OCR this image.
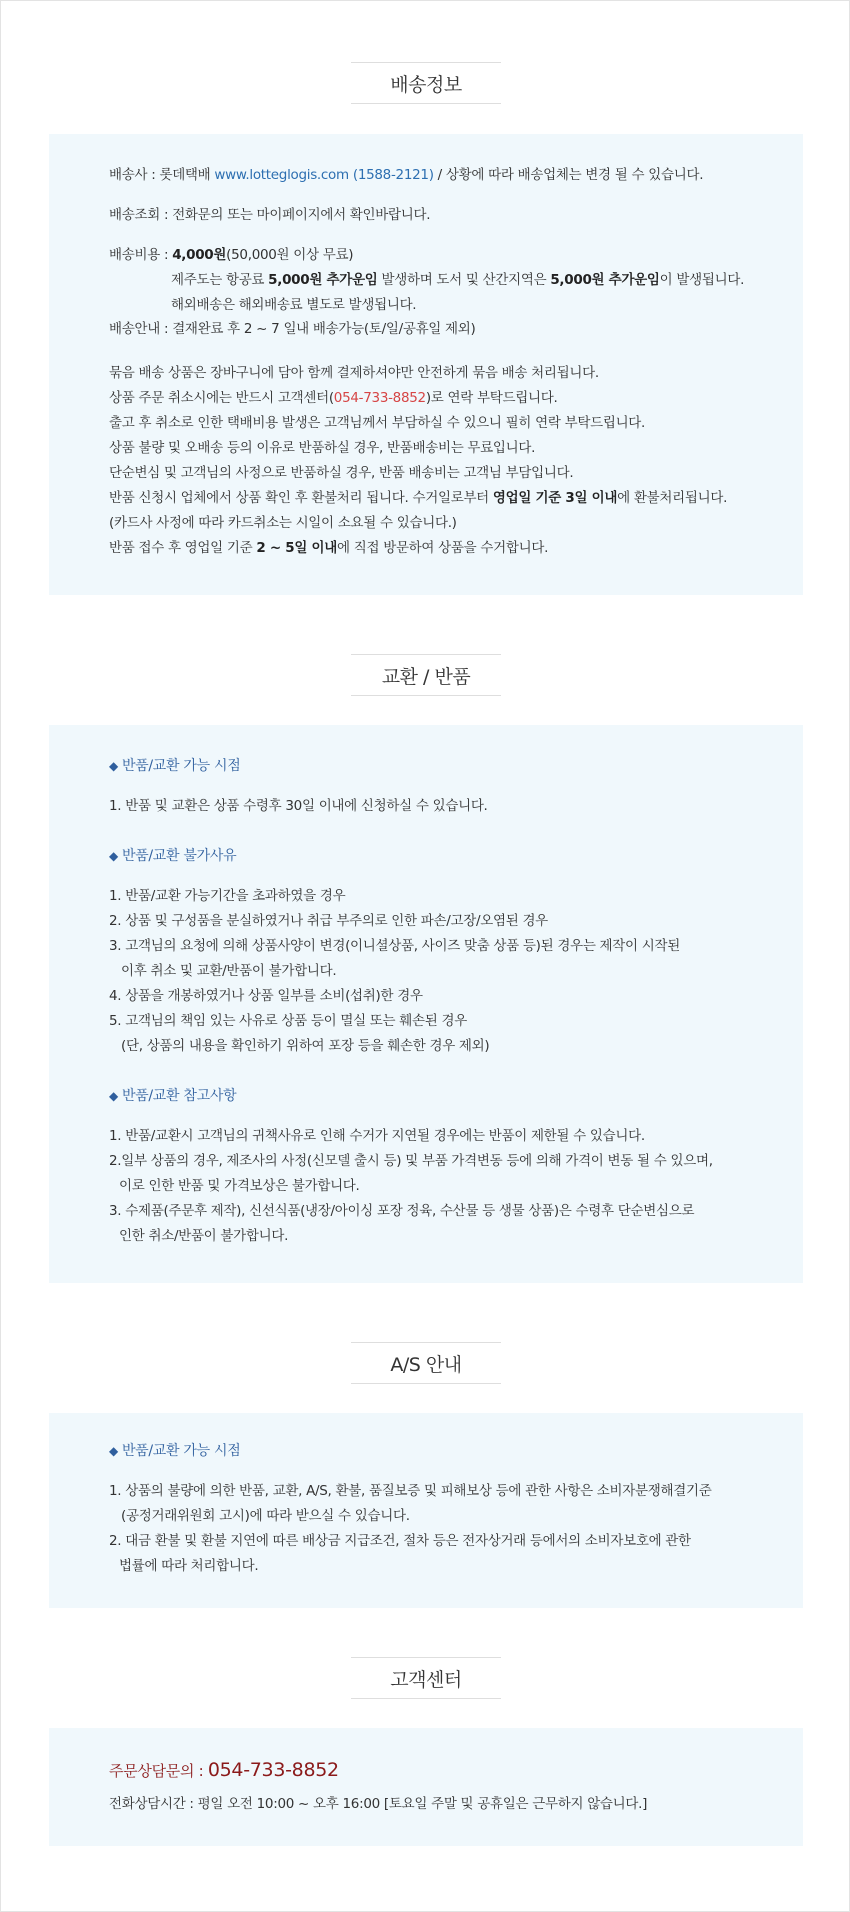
배송정보
배송사 : 롯데택배 www.lotteglogis.com (1588-2121) / 상황에 따라 배송업체는 변경 될 수 있습니다.
배송조회 : 전화문의 또는 마이페이지에서 확인바랍니다.
배송비용 : 4,000원(50,000원 이상 무료)
제주도는 항공료 5,000원 추가운임 발생하며 도서 및 산간지역은 5,000원 추가운임이 발생됩니다.
해외배송은 해외배송료 별도로 발생됩니다.
배송안내 : 결재완료 후 2 ~ 7 일내 배송가능(토/일/공휴일 제외)
묶음 배송 상품은 장바구니에 담아 함께 결제하셔야만 안전하게 묶음 배송 처리됩니다.
상품 주문 취소시에는 반드시 고객센터(054-733-8852)로 연락 부탁드립니다.
출고 후 취소로 인한 택배비용 발생은 고객님께서 부담하실 수 있으니 필히 연락 부탁드립니다.
상품 불량 및 오배송 등의 이유로 반품하실 경우, 반품배송비는 무료입니다.
단순변심 및 고객님의 사정으로 반품하실 경우, 반품 배송비는 고객님 부담입니다.
반품 신청시 업체에서 상품 확인 후 환불처리 됩니다. 수거일로부터 영업일 기준 3일 이내에 환불처리됩니다.
(카드사 사정에 따라 카드취소는 시일이 소요될 수 있습니다.)
반품 접수 후 영업일 기준 2 ~ 5일 이내에 직접 방문하여 상품을 수거합니다.
교환 / 반품
◆ 반품/교환 가능 시점
1. 반품 및 교환은 상품 수령후 30일 이내에 신청하실 수 있습니다.
◆ 반품/교환 불가사유
1. 반품/교환 가능기간을 초과하였을 경우
2. 상품 및 구성품을 분실하였거나 취급 부주의로 인한 파손/고장/오염된 경우
3. 고객님의 요청에 의해 상품사양이 변경(이니셜상품, 사이즈 맞춤 상품 등)된 경우는 제작이 시작된
이후 취소 및 교환/반품이 불가합니다.
4. 상품을 개봉하였거나 상품 일부를 소비(섭취)한 경우
5. 고객님의 책임 있는 사유로 상품 등이 멸실 또는 훼손된 경우
(단, 상품의 내용을 확인하기 위하여 포장 등을 훼손한 경우 제외)
◆ 반품/교환 참고사항
1. 반품/교환시 고객님의 귀책사유로 인해 수거가 지연될 경우에는 반품이 제한될 수 있습니다.
2.일부 상품의 경우, 제조사의 사정(신모델 출시 등) 및 부품 가격변동 등에 의해 가격이 변동 될 수 있으며,
이로 인한 반품 및 가격보상은 불가합니다.
3. 수제품(주문후 제작), 신선식품(냉장/아이싱 포장 정육, 수산물 등 생물 상품)은 수령후 단순변심으로
인한 취소/반품이 불가합니다.
A/S 안내
◆ 반품/교환 가능 시점
1. 상품의 불량에 의한 반품, 교환, A/S, 환불, 품질보증 및 피해보상 등에 관한 사항은 소비자분쟁해결기준
(공정거래위원회 고시)에 따라 받으실 수 있습니다.
2. 대금 환불 및 환불 지연에 따른 배상금 지급조건, 절차 등은 전자상거래 등에서의 소비자보호에 관한
법률에 따라 처리합니다.
고객센터
주문상담문의 : 054-733-8852
전화상담시간 : 평일 오전 10:00 ~ 오후 16:00 [토요일 주말 및 공휴일은 근무하지 않습니다.]
